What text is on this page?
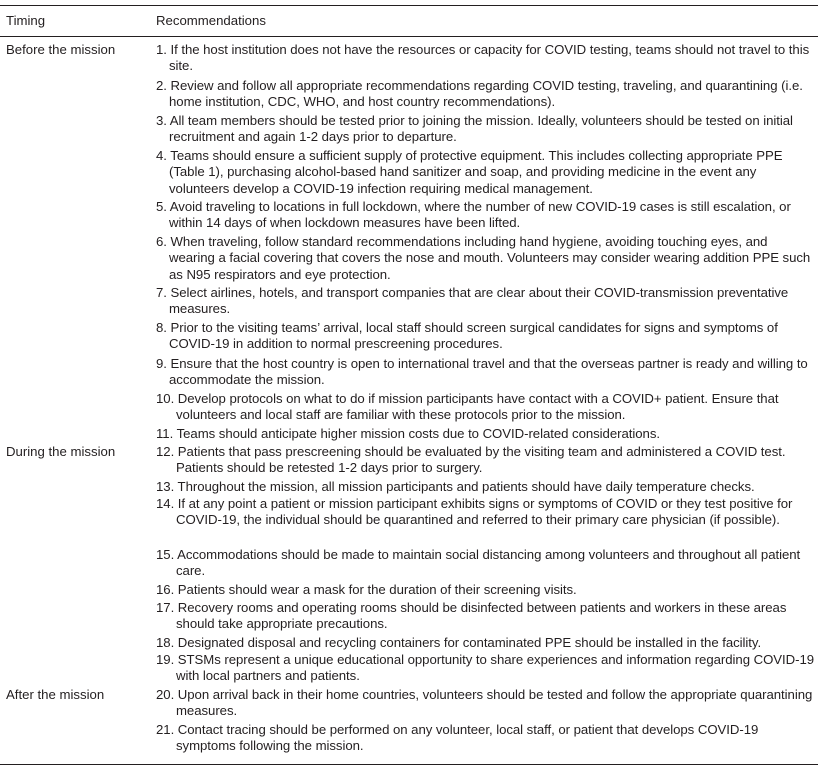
Timing	Recommendations
Before the mission
During the mission
After the mission
1. If the host institution does not have the resources or capacity for COVID testing, teams should not travel to this site.
2. Review and follow all appropriate recommendations regarding COVID testing, traveling, and quarantining (i.e. home institution, CDC, WHO, and host country recommendations).
3. All team members should be tested prior to joining the mission. Ideally, volunteers should be tested on initial recruitment and again 1-2 days prior to departure.
4. Teams should ensure a sufficient supply of protective equipment. This includes collecting appropriate PPE (Table 1), purchasing alcohol-based hand sanitizer and soap, and providing medicine in the event any volunteers develop a COVID-19 infection requiring medical management.
5. Avoid traveling to locations in full lockdown, where the number of new COVID-19 cases is still escalation, or within 14 days of when lockdown measures have been lifted.
6. When traveling, follow standard recommendations including hand hygiene, avoiding touching eyes, and wearing a facial covering that covers the nose and mouth. Volunteers may consider wearing addition PPE such as N95 respirators and eye protection.
7. Select airlines, hotels, and transport companies that are clear about their COVID-transmission preventative measures.
8. Prior to the visiting teams’ arrival, local staff should screen surgical candidates for signs and symptoms of COVID-19 in addition to normal prescreening procedures.
9. Ensure that the host country is open to international travel and that the overseas partner is ready and willing to accommodate the mission.
10. Develop protocols on what to do if mission participants have contact with a COVID+ patient. Ensure that volunteers and local staff are familiar with these protocols prior to the mission.
11. Teams should anticipate higher mission costs due to COVID-related considerations.
12. Patients that pass prescreening should be evaluated by the visiting team and administered a COVID test. Patients should be retested 1-2 days prior to surgery.
13. Throughout the mission, all mission participants and patients should have daily temperature checks.
14. If at any point a patient or mission participant exhibits signs or symptoms of COVID or they test positive for COVID-19, the individual should be quarantined and referred to their primary care physician (if possible).
15. Accommodations should be made to maintain social distancing among volunteers and throughout all patient care.
16. Patients should wear a mask for the duration of their screening visits.
17. Recovery rooms and operating rooms should be disinfected between patients and workers in these areas should take appropriate precautions.
18. Designated disposal and recycling containers for contaminated PPE should be installed in the facility.
19. STSMs represent a unique educational opportunity to share experiences and information regarding COVID-19 with local partners and patients.
20. Upon arrival back in their home countries, volunteers should be tested and follow the appropriate quarantining measures.
21. Contact tracing should be performed on any volunteer, local staff, or patient that develops COVID-19 symptoms following the mission.
